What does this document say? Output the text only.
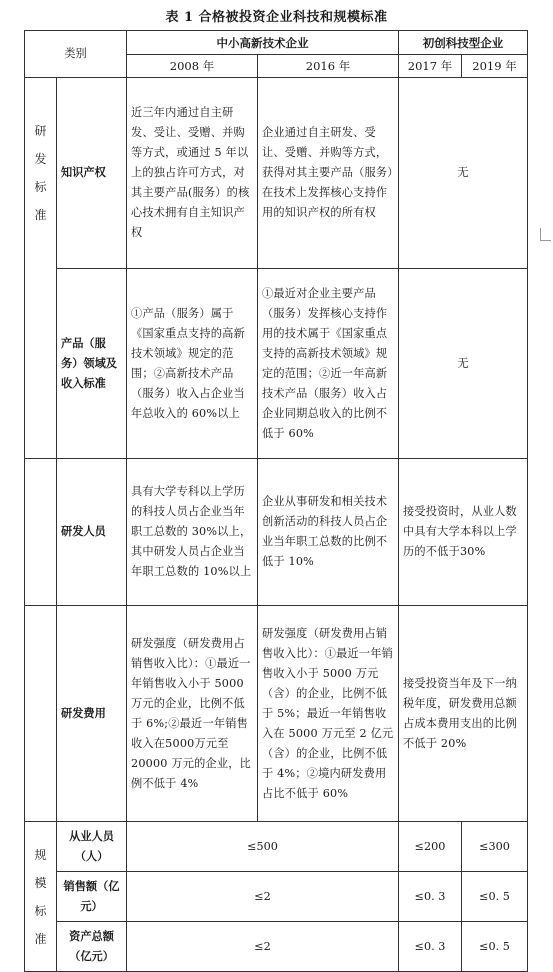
表 1 合格被投资企业科技和规模标准
类别		中小高新技术企业		初创科技型企业	
		2008 年	2016 年	2017 年	2019 年
研发标准	知识产权	近三年内通过自主研发、受让、受赠、并购等方式，或通过 5 年以上的独占许可方式，对其主要产品(服务）的核心技术拥有自主知识产权	企业通过自主研发、受让、受赠、并购等方式，获得对其主要产品（服务）在技术上发挥核心支持作用的知识产权的所有权	无	
	产品（服务）领域及收入标准	①产品（服务）属于《国家重点支持的高新技术领域》规定的范围；②高新技术产品（服务）收入占企业当年总收入的 60%以上	①最近对企业主要产品（服务）发挥核心支持作用的技术属于《国家重点支持的高新技术领域》规定的范围；②近一年高新技术产品（服务）收入占企业同期总收入的比例不低于 60%	无	
	研发人员	具有大学专科以上学历的科技人员占企业当年职工总数的 30%以上，其中研发人员占企业当年职工总数的 10%以上	企业从事研发和相关技术创新活动的科技人员占企业当年职工总数的比例不低于 10%	接受投资时，从业人数中具有大学本科以上学历的不低于30%	
	研发费用	研发强度（研发费用占销售收入比）：①最近一年销售收入小于 5000 万元的企业，比例不低于 6%;②最近一年销售收入在5000万元至 20000 万元的企业，比例不低于 4%	研发强度（研发费用占销售收入比）：①最近一年销售收入小于 5000 万元（含）的企业，比例不低于 5%；最近一年销售收入在 5000 万元至 2 亿元（含）的企业，比例不低于 4%；②境内研发费用占比不低于 60%	接受投资当年及下一纳税年度，研发费用总额占成本费用支出的比例不低于 20%	
规模标准	从业人员（人）	≤500		≤200	≤300
	销售额（亿元）	≤2		≤0. 3	≤0. 5
	资产总额（亿元）	≤2		≤0. 3	≤0. 5
